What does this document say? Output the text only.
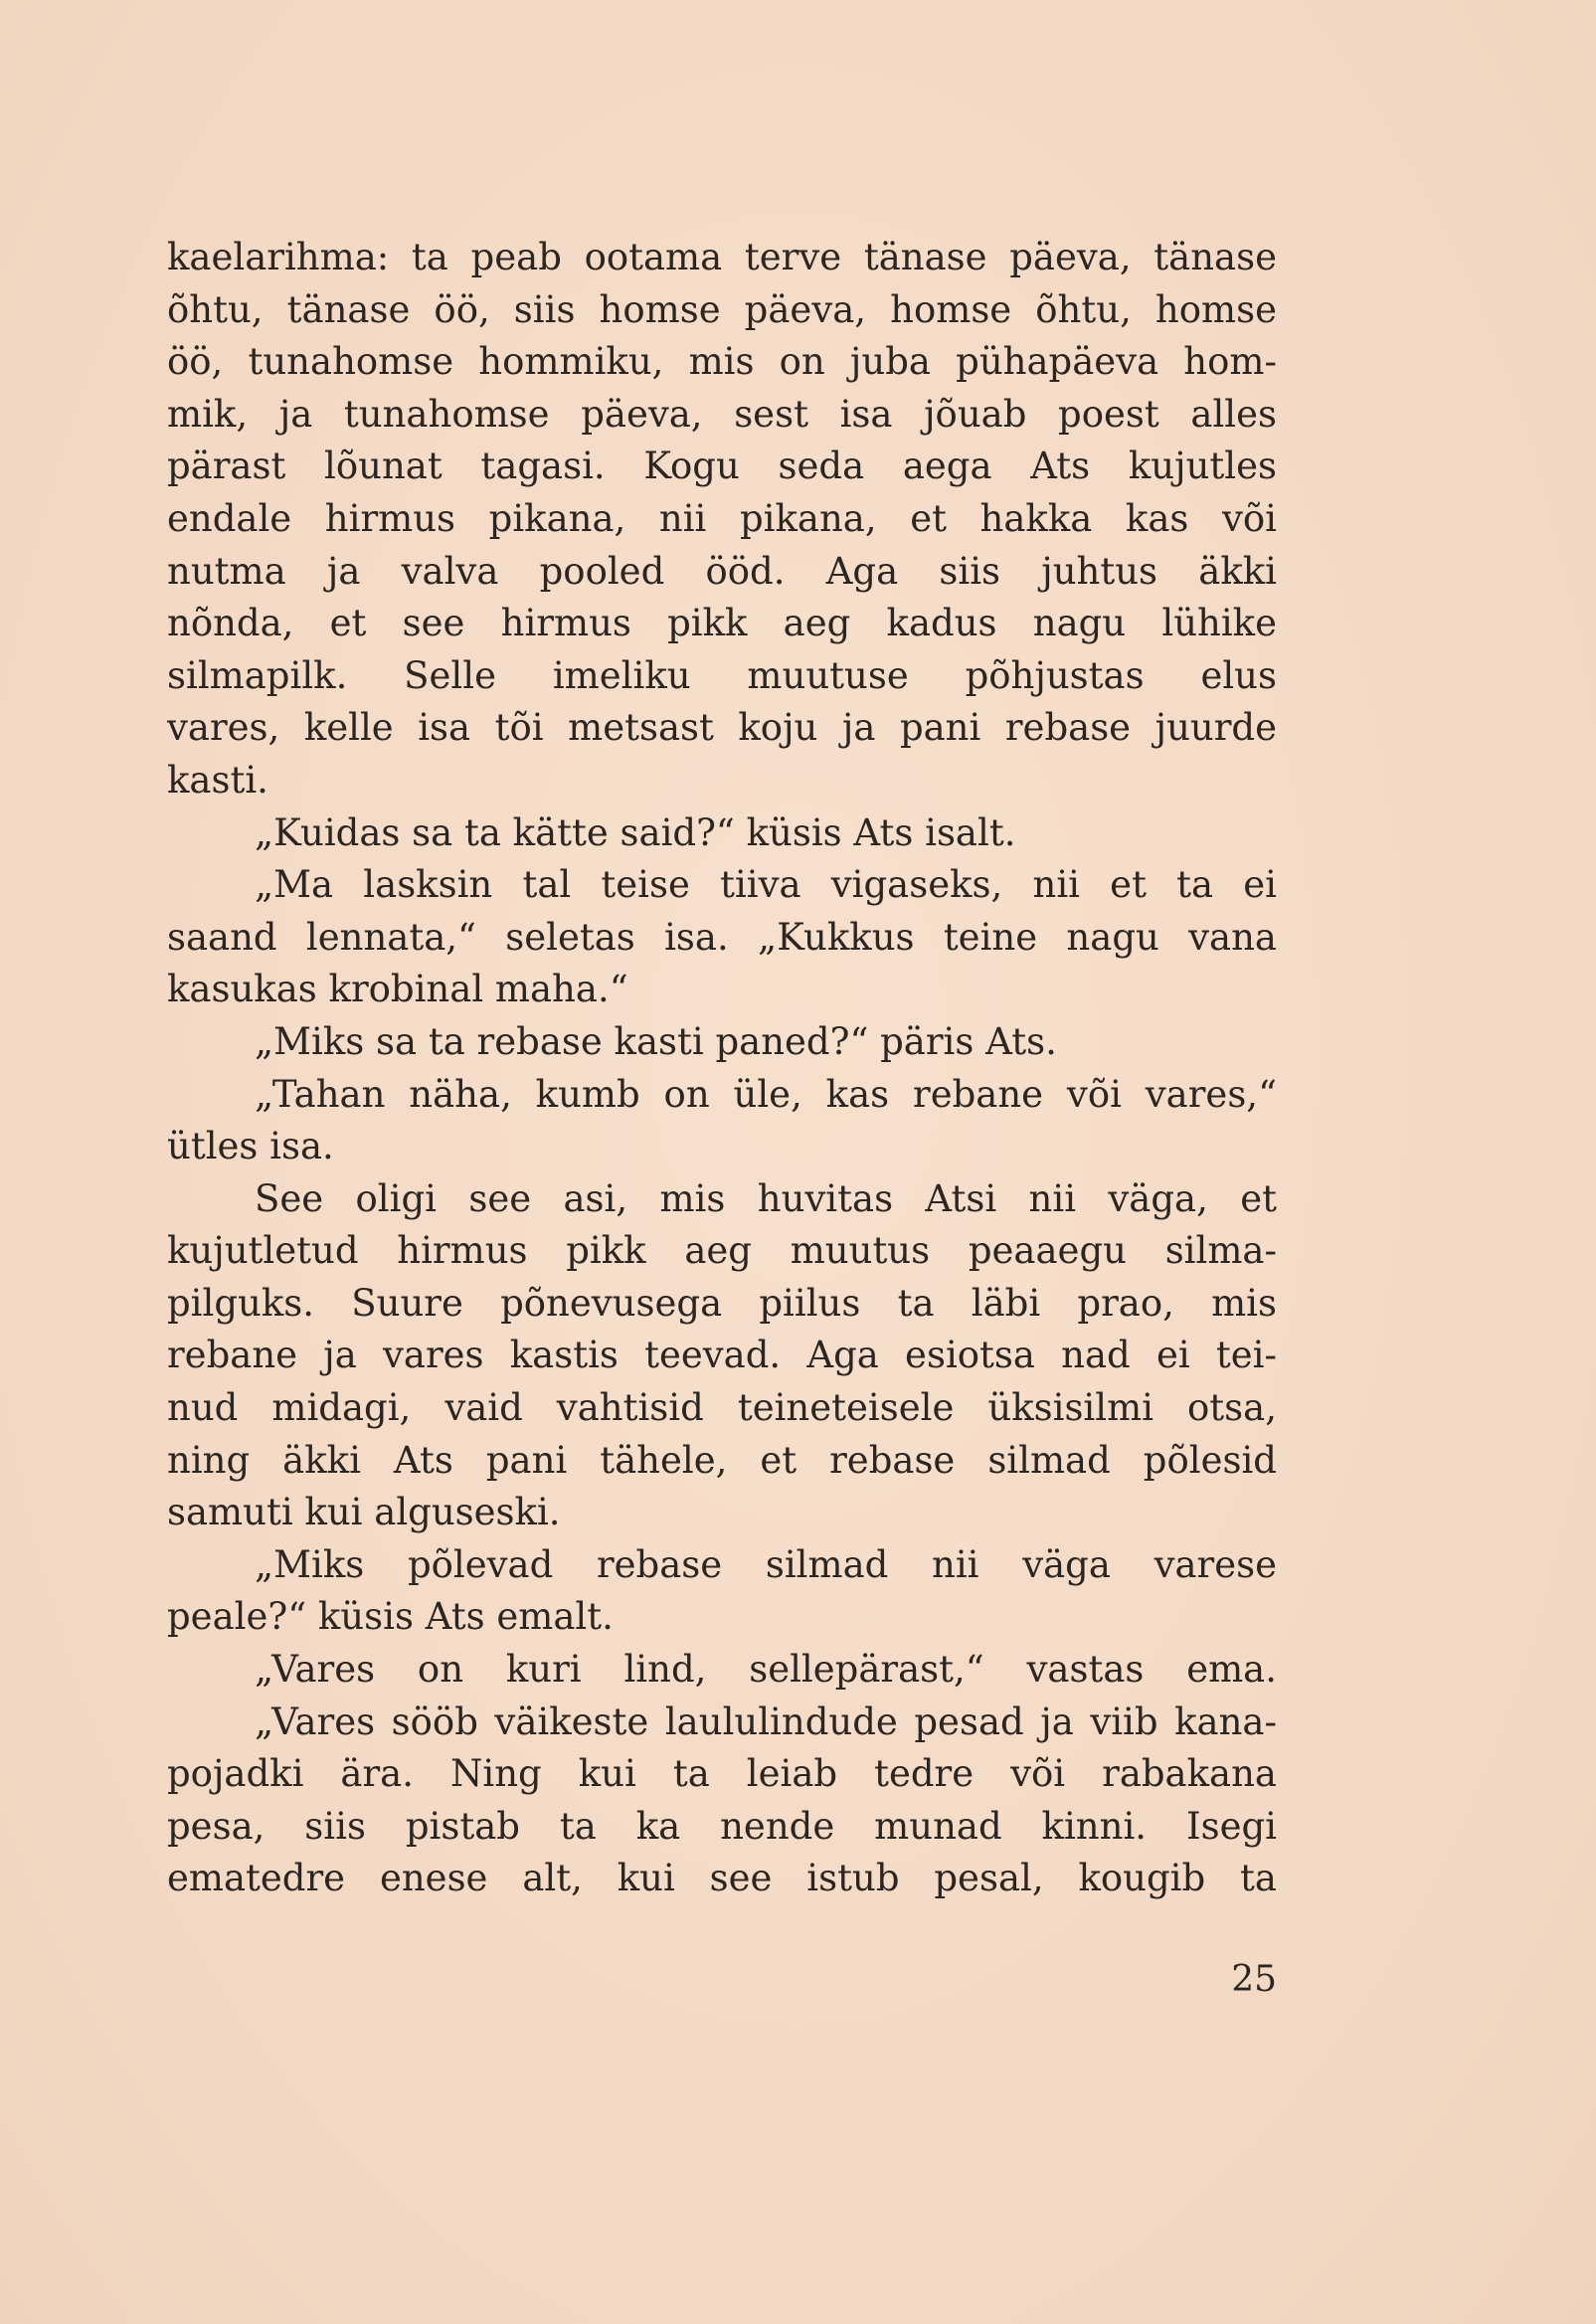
kaelarihma: ta peab ootama terve tänase päeva, tänase
õhtu, tänase öö, siis homse päeva, homse õhtu, homse
öö, tunahomse hommiku, mis on juba pühapäeva hom-
mik, ja tunahomse päeva, sest isa jõuab poest alles
pärast lõunat tagasi. Kogu seda aega Ats kujutles
endale hirmus pikana, nii pikana, et hakka kas või
nutma ja valva pooled ööd. Aga siis juhtus äkki
nõnda, et see hirmus pikk aeg kadus nagu lühike
silmapilk. Selle imeliku muutuse põhjustas elus
vares, kelle isa tõi metsast koju ja pani rebase juurde
kasti.
„Kuidas sa ta kätte said?“ küsis Ats isalt.
„Ma lasksin tal teise tiiva vigaseks, nii et ta ei
saand lennata,“ seletas isa. „Kukkus teine nagu vana
kasukas krobinal maha.“
„Miks sa ta rebase kasti paned?“ päris Ats.
„Tahan näha, kumb on üle, kas rebane või vares,“
ütles isa.
See oligi see asi, mis huvitas Atsi nii väga, et
kujutletud hirmus pikk aeg muutus peaaegu silma-
pilguks. Suure põnevusega piilus ta läbi prao, mis
rebane ja vares kastis teevad. Aga esiotsa nad ei tei-
nud midagi, vaid vahtisid teineteisele üksisilmi otsa,
ning äkki Ats pani tähele, et rebase silmad põlesid
samuti kui alguseski.
„Miks põlevad rebase silmad nii väga varese
peale?“ küsis Ats emalt.
„Vares on kuri lind, sellepärast,“ vastas ema.
„Vares sööb väikeste laululindude pesad ja viib kana-
pojadki ära. Ning kui ta leiab tedre või rabakana
pesa, siis pistab ta ka nende munad kinni. Isegi
ematedre enese alt, kui see istub pesal, kougib ta
25
